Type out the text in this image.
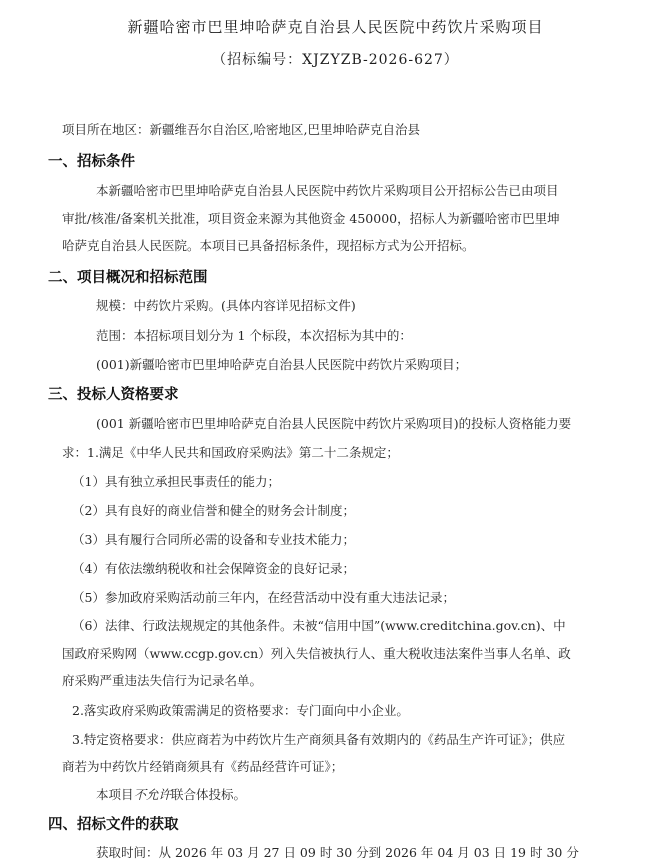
新疆哈密市巴里坤哈萨克自治县人民医院中药饮片采购项目
（招标编号：XJZYZB-2026-627）
项目所在地区：新疆维吾尔自治区,哈密地区,巴里坤哈萨克自治县
一、招标条件
本新疆哈密市巴里坤哈萨克自治县人民医院中药饮片采购项目公开招标公告已由项目
审批/核准/备案机关批准，项目资金来源为其他资金 450000，招标人为新疆哈密市巴里坤
哈萨克自治县人民医院。本项目已具备招标条件，现招标方式为公开招标。
二、项目概况和招标范围
规模：中药饮片采购。(具体内容详见招标文件)
范围：本招标项目划分为 1 个标段，本次招标为其中的：
(001)新疆哈密市巴里坤哈萨克自治县人民医院中药饮片采购项目；
三、投标人资格要求
(001 新疆哈密市巴里坤哈萨克自治县人民医院中药饮片采购项目)的投标人资格能力要
求：1.满足《中华人民共和国政府采购法》第二十二条规定；
（1）具有独立承担民事责任的能力；
（2）具有良好的商业信誉和健全的财务会计制度；
（3）具有履行合同所必需的设备和专业技术能力；
（4）有依法缴纳税收和社会保障资金的良好记录；
（5）参加政府采购活动前三年内，在经营活动中没有重大违法记录；
（6）法律、行政法规规定的其他条件。未被“信用中国”(www.creditchina.gov.cn)、中
国政府采购网（www.ccgp.gov.cn）列入失信被执行人、重大税收违法案件当事人名单、政
府采购严重违法失信行为记录名单。
2.落实政府采购政策需满足的资格要求：专门面向中小企业。
3.特定资格要求：供应商若为中药饮片生产商须具备有效期内的《药品生产许可证》；供应
商若为中药饮片经销商须具有《药品经营许可证》；
本项目不允许联合体投标。
四、招标文件的获取
获取时间：从 2026 年 03 月 27 日 09 时 30 分到 2026 年 04 月 03 日 19 时 30 分
